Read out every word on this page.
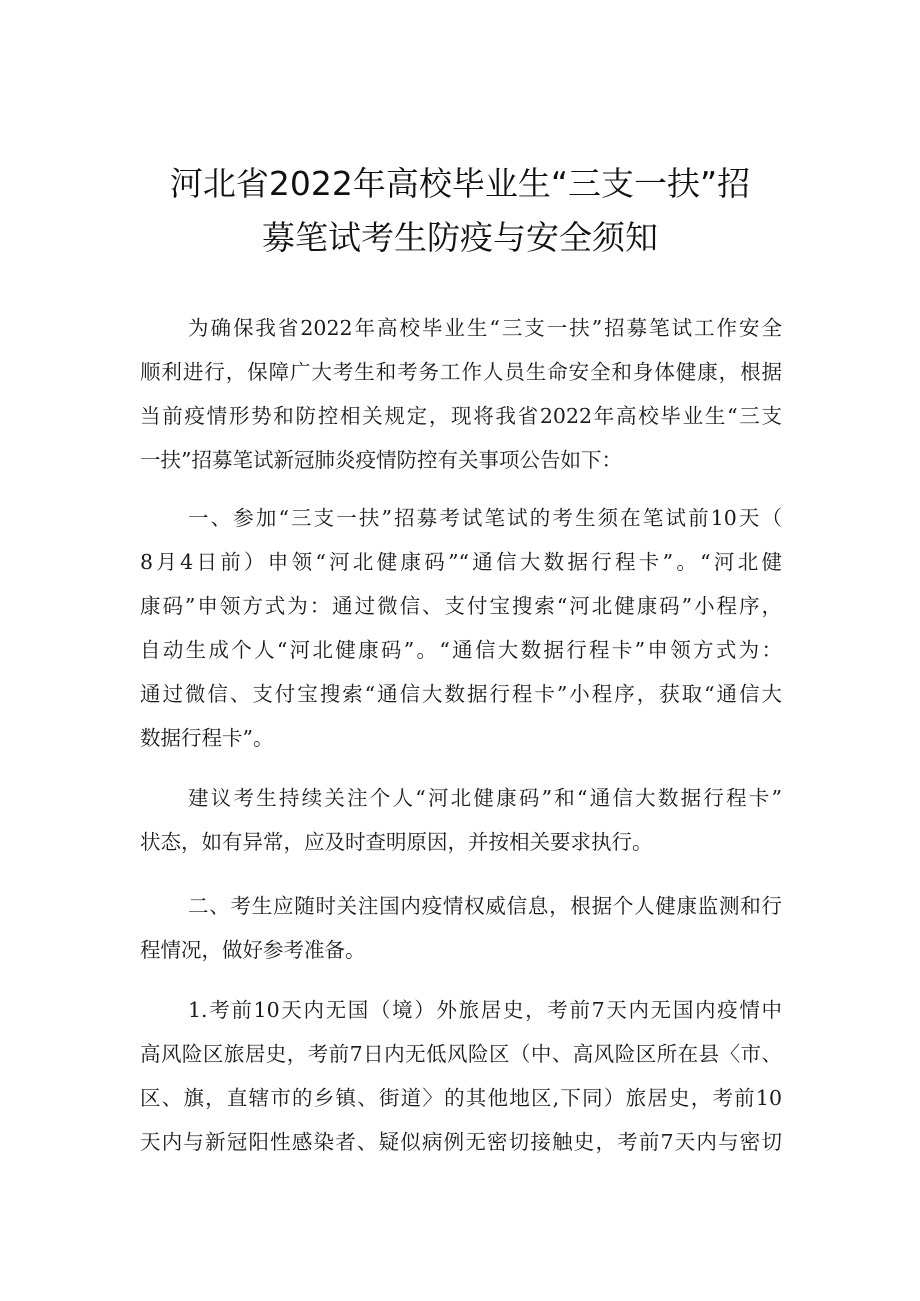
河北省2022年高校毕业生“三支一扶”招
募笔试考生防疫与安全须知
为确保我省2022年高校毕业生“三支一扶”招募笔试工作安全
顺利进行，保障广大考生和考务工作人员生命安全和身体健康，根据
当前疫情形势和防控相关规定，现将我省2022年高校毕业生“三支
一扶”招募笔试新冠肺炎疫情防控有关事项公告如下：
一、参加“三支一扶”招募考试笔试的考生须在笔试前10天（
8月4日前）申领“河北健康码”“通信大数据行程卡”。“河北健
康码”申领方式为：通过微信、支付宝搜索“河北健康码”小程序，
自动生成个人“河北健康码”。“通信大数据行程卡”申领方式为：
通过微信、支付宝搜索“通信大数据行程卡”小程序，获取“通信大
数据行程卡”。
建议考生持续关注个人“河北健康码”和“通信大数据行程卡”
状态，如有异常，应及时查明原因，并按相关要求执行。
二、考生应随时关注国内疫情权威信息，根据个人健康监测和行
程情况，做好参考准备。
1.考前10天内无国（境）外旅居史，考前7天内无国内疫情中
高风险区旅居史，考前7日内无低风险区（中、高风险区所在县〈市、
区、旗，直辖市的乡镇、街道〉的其他地区,下同）旅居史，考前10
天内与新冠阳性感染者、疑似病例无密切接触史，考前7天内与密切
